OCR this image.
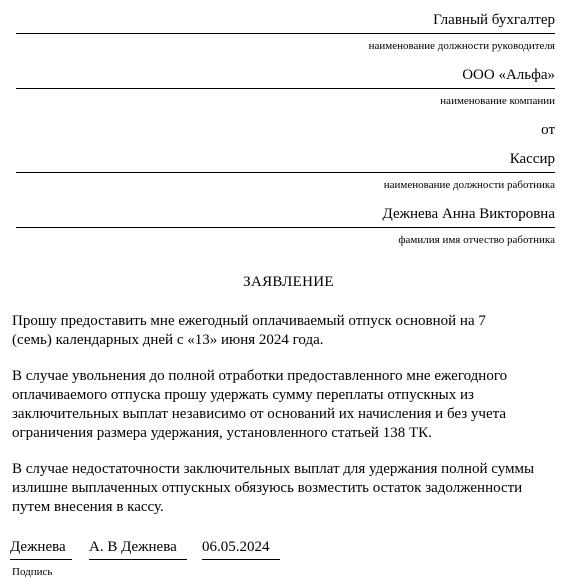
Главный бухгалтер
наименование должности руководителя
ООО «Альфа»
наименование компании
от
Кассир
наименование должности работника
Дежнева Анна Викторовна
фамилия имя отчество работника
ЗАЯВЛЕНИЕ

Прошу предоставить мне ежегодный оплачиваемый отпуск основной на 7
(семь) календарных дней с «13» июня 2024 года.

В случае увольнения до полной отработки предоставленного мне ежегодного
оплачиваемого отпуска прошу удержать сумму переплаты отпускных из
заключительных выплат независимо от оснований их начисления и без учета
ограничения размера удержания, установленного статьей 138 ТК.

В случае недостаточности заключительных выплат для удержания полной суммы
излишне выплаченных отпускных обязуюсь возместить остаток задолженности
путем внесения в кассу.

Дежнева	А. В Дежнева	06.05.2024
Подпись
